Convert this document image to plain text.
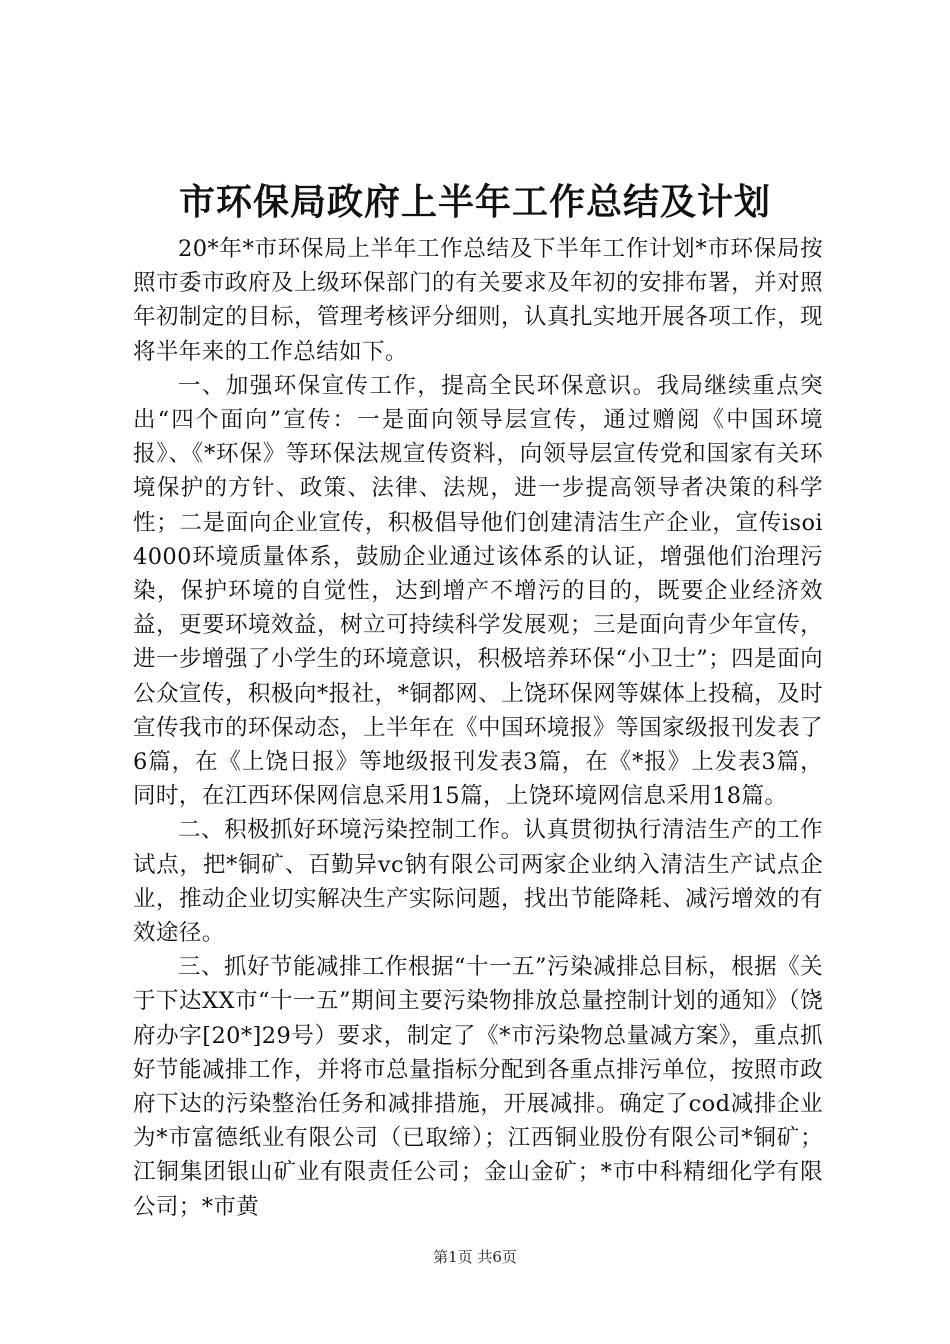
市环保局政府上半年工作总结及计划

20*年*市环保局上半年工作总结及下半年工作计划*市环保局按照市委市政府及上级环保部门的有关要求及年初的安排布署，并对照年初制定的目标，管理考核评分细则，认真扎实地开展各项工作，现将半年来的工作总结如下。

一、加强环保宣传工作，提高全民环保意识。我局继续重点突出“四个面向”宣传：一是面向领导层宣传，通过赠阅《中国环境报》、《*环保》等环保法规宣传资料，向领导层宣传党和国家有关环境保护的方针、政策、法律、法规，进一步提高领导者决策的科学性；二是面向企业宣传，积极倡导他们创建清洁生产企业，宣传isoi4000环境质量体系，鼓励企业通过该体系的认证，增强他们治理污染，保护环境的自觉性，达到增产不增污的目的，既要企业经济效益，更要环境效益，树立可持续科学发展观；三是面向青少年宣传，进一步增强了小学生的环境意识，积极培养环保“小卫士”；四是面向公众宣传，积极向*报社，*铜都网、上饶环保网等媒体上投稿，及时宣传我市的环保动态，上半年在《中国环境报》等国家级报刊发表了6篇，在《上饶日报》等地级报刊发表3篇，在《*报》上发表3篇，同时，在江西环保网信息采用15篇，上饶环境网信息采用18篇。

二、积极抓好环境污染控制工作。认真贯彻执行清洁生产的工作试点，把*铜矿、百勤异vc钠有限公司两家企业纳入清洁生产试点企业，推动企业切实解决生产实际问题，找出节能降耗、减污增效的有效途径。

三、抓好节能减排工作根据“十一五”污染减排总目标，根据《关于下达XX市“十一五”期间主要污染物排放总量控制计划的通知》（饶府办字[20*]29号）要求，制定了《*市污染物总量减方案》，重点抓好节能减排工作，并将市总量指标分配到各重点排污单位，按照市政府下达的污染整治任务和减排措施，开展减排。确定了cod减排企业为*市富德纸业有限公司（已取缔）；江西铜业股份有限公司*铜矿；江铜集团银山矿业有限责任公司；金山金矿；*市中科精细化学有限公司；*市黄

第1页 共6页
